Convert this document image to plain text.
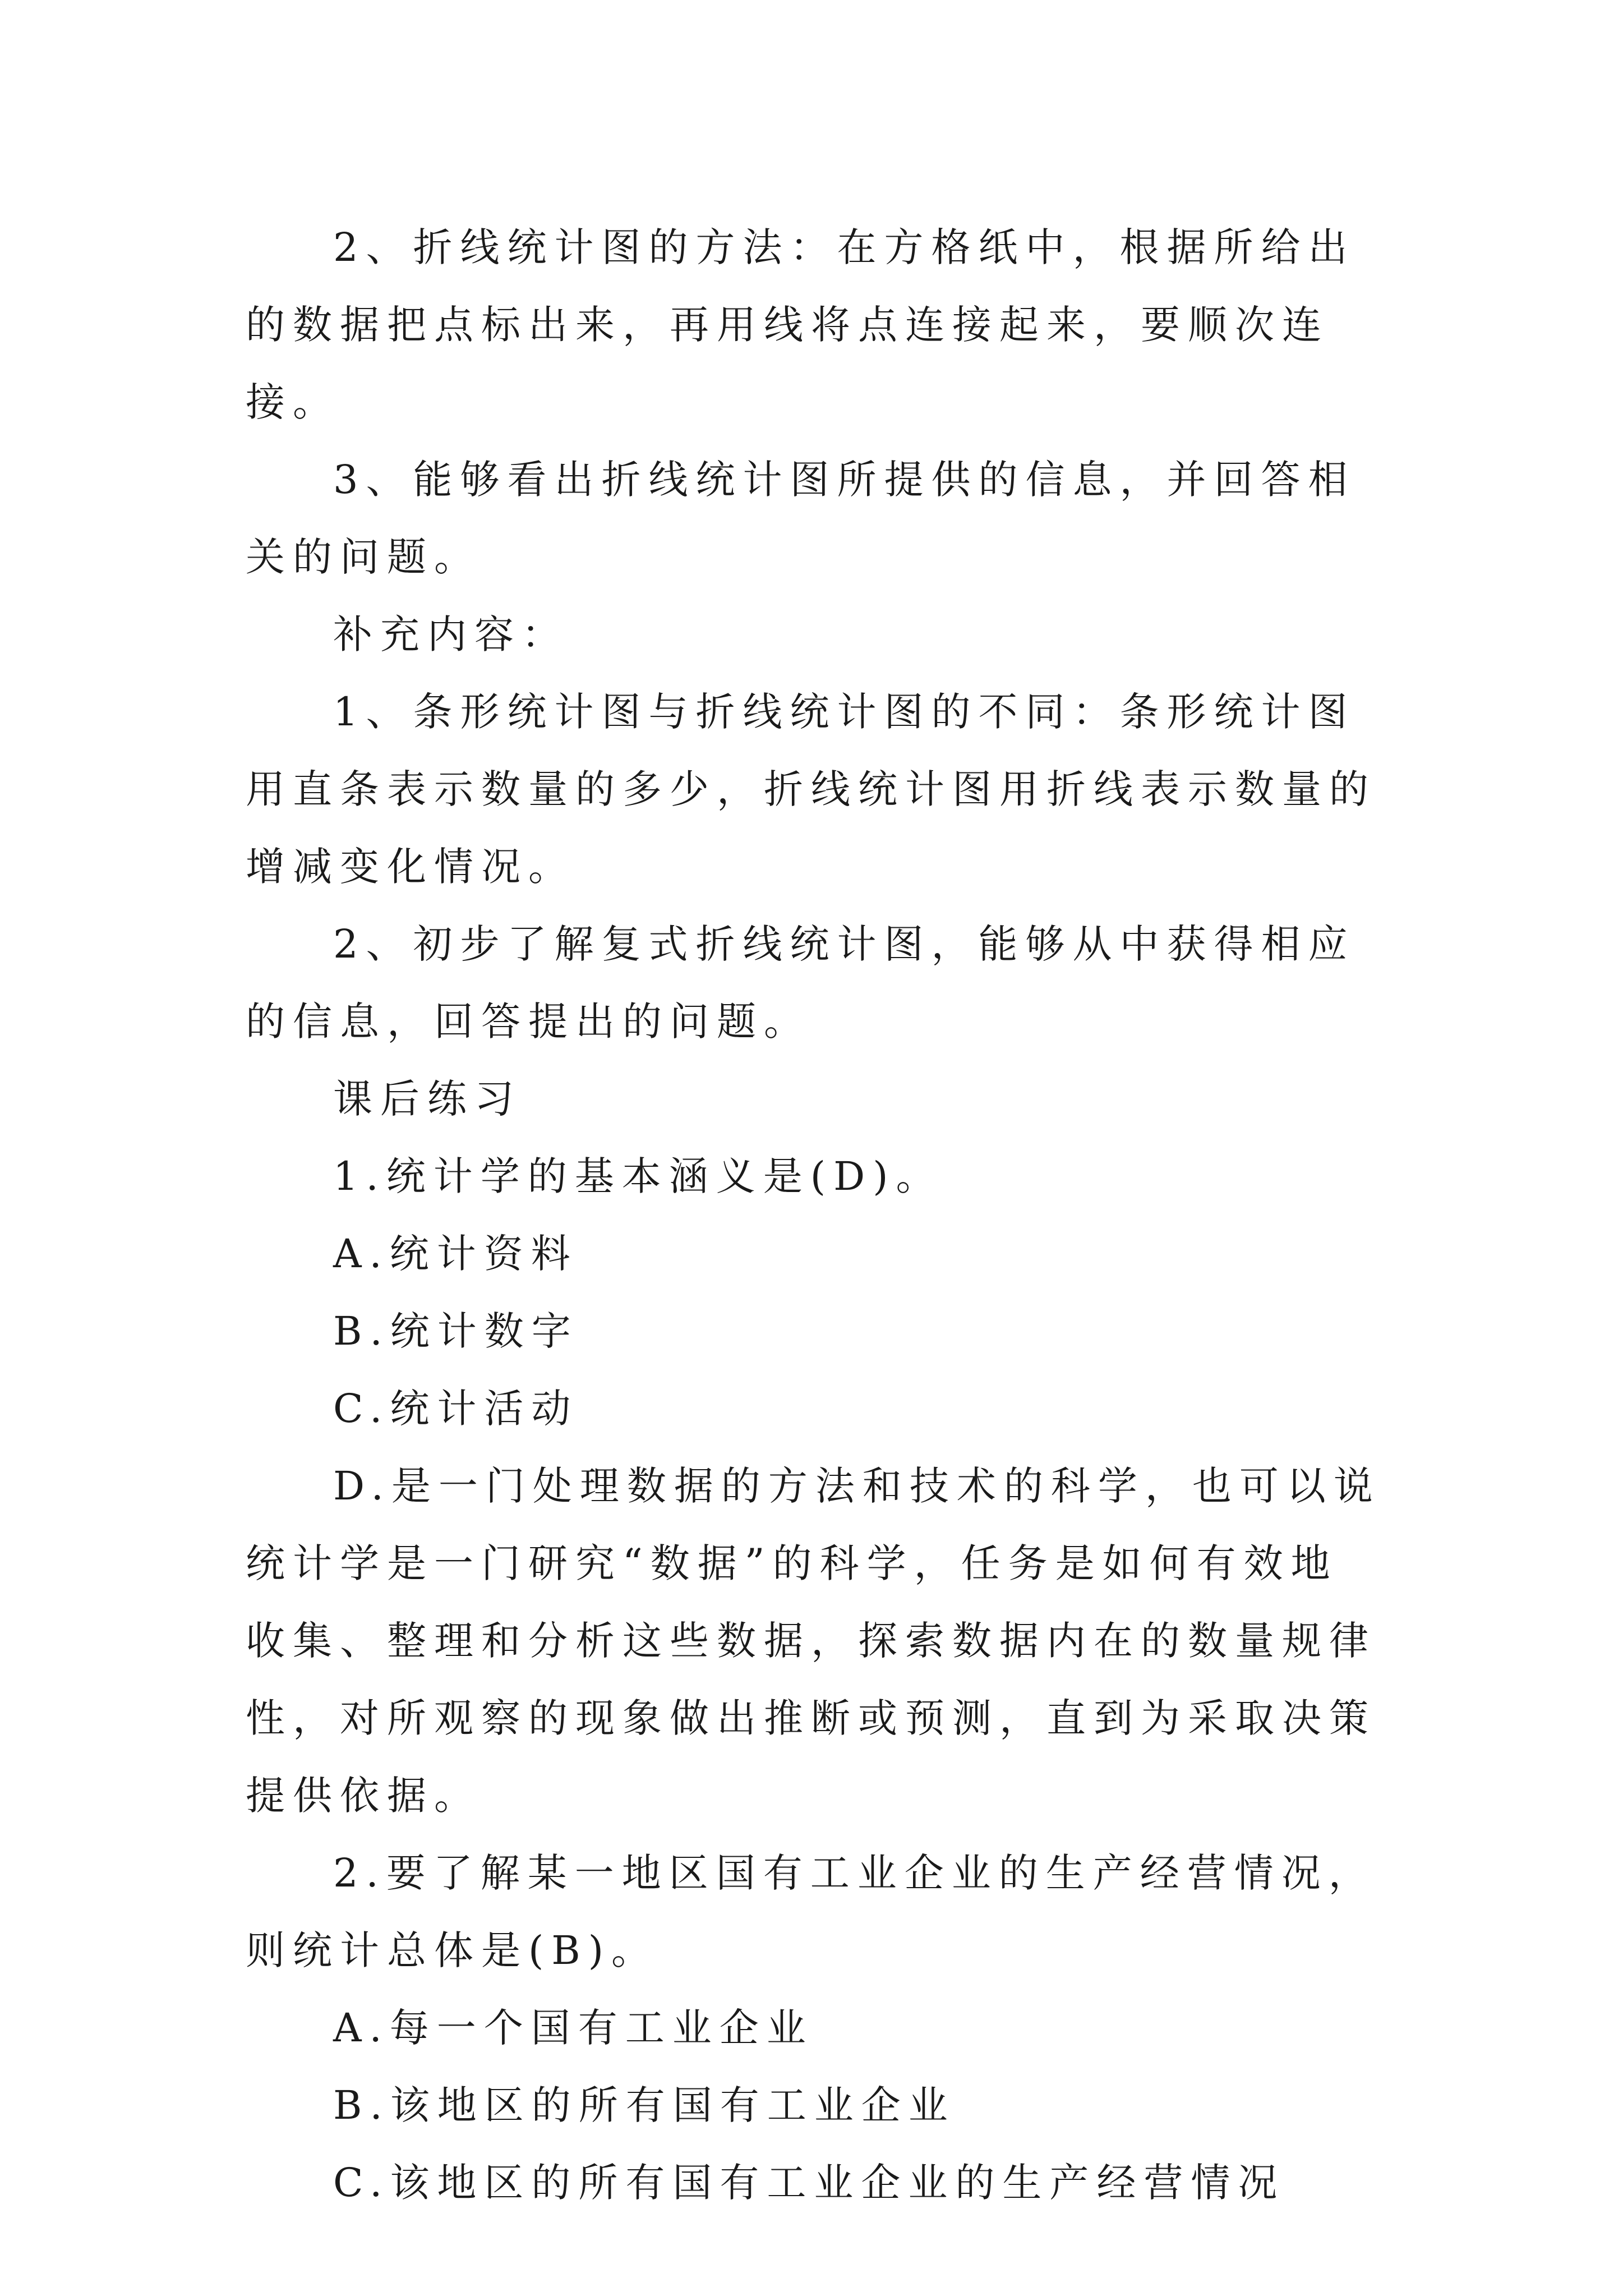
2、折线统计图的方法：在方格纸中，根据所给出的数据把点标出来，再用线将点连接起来，要顺次连接。

3、能够看出折线统计图所提供的信息，并回答相关的问题。

补充内容：

1、条形统计图与折线统计图的不同：条形统计图用直条表示数量的多少，折线统计图用折线表示数量的增减变化情况。

2、初步了解复式折线统计图，能够从中获得相应的信息，回答提出的问题。

课后练习

1.统计学的基本涵义是(D)。

A.统计资料

B.统计数字

C.统计活动

D.是一门处理数据的方法和技术的科学，也可以说统计学是一门研究“数据”的科学，任务是如何有效地收集、整理和分析这些数据，探索数据内在的数量规律性，对所观察的现象做出推断或预测，直到为采取决策提供依据。

2.要了解某一地区国有工业企业的生产经营情况，则统计总体是(B)。

A.每一个国有工业企业

B.该地区的所有国有工业企业

C.该地区的所有国有工业企业的生产经营情况
